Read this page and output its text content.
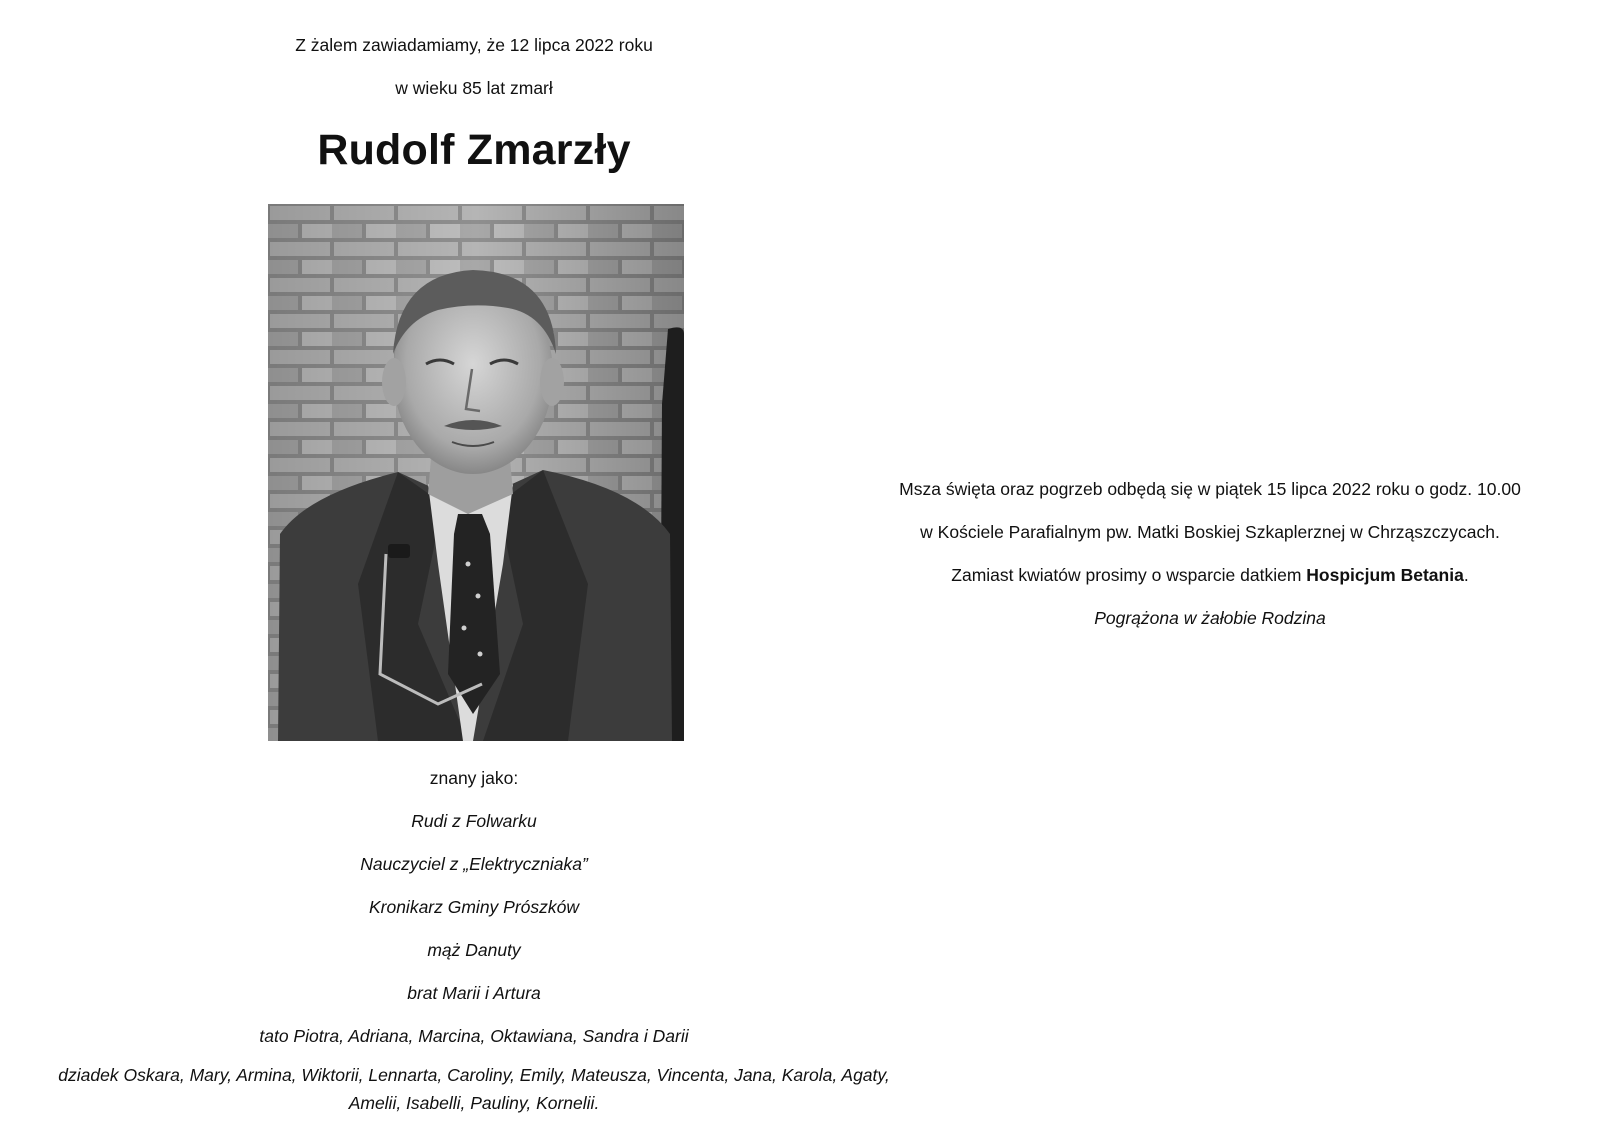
Z żalem zawiadamiamy, że 12 lipca 2022 roku
w wieku 85 lat zmarł
Rudolf Zmarzły
znany jako:
Rudi z Folwarku
Nauczyciel z „Elektryczniaka”
Kronikarz Gminy Prószków
mąż Danuty
brat Marii i Artura
tato Piotra, Adriana, Marcina, Oktawiana, Sandra i Darii
dziadek Oskara, Mary, Armina, Wiktorii, Lennarta, Caroliny, Emily, Mateusza, Vincenta, Jana, Karola, Agaty, Amelii, Isabelli, Pauliny, Kornelii.
Msza święta oraz pogrzeb odbędą się w piątek 15 lipca 2022 roku o godz. 10.00
w Kościele Parafialnym pw. Matki Boskiej Szkaplerznej w Chrząszczycach.
Zamiast kwiatów prosimy o wsparcie datkiem Hospicjum Betania.
Pogrążona w żałobie Rodzina
